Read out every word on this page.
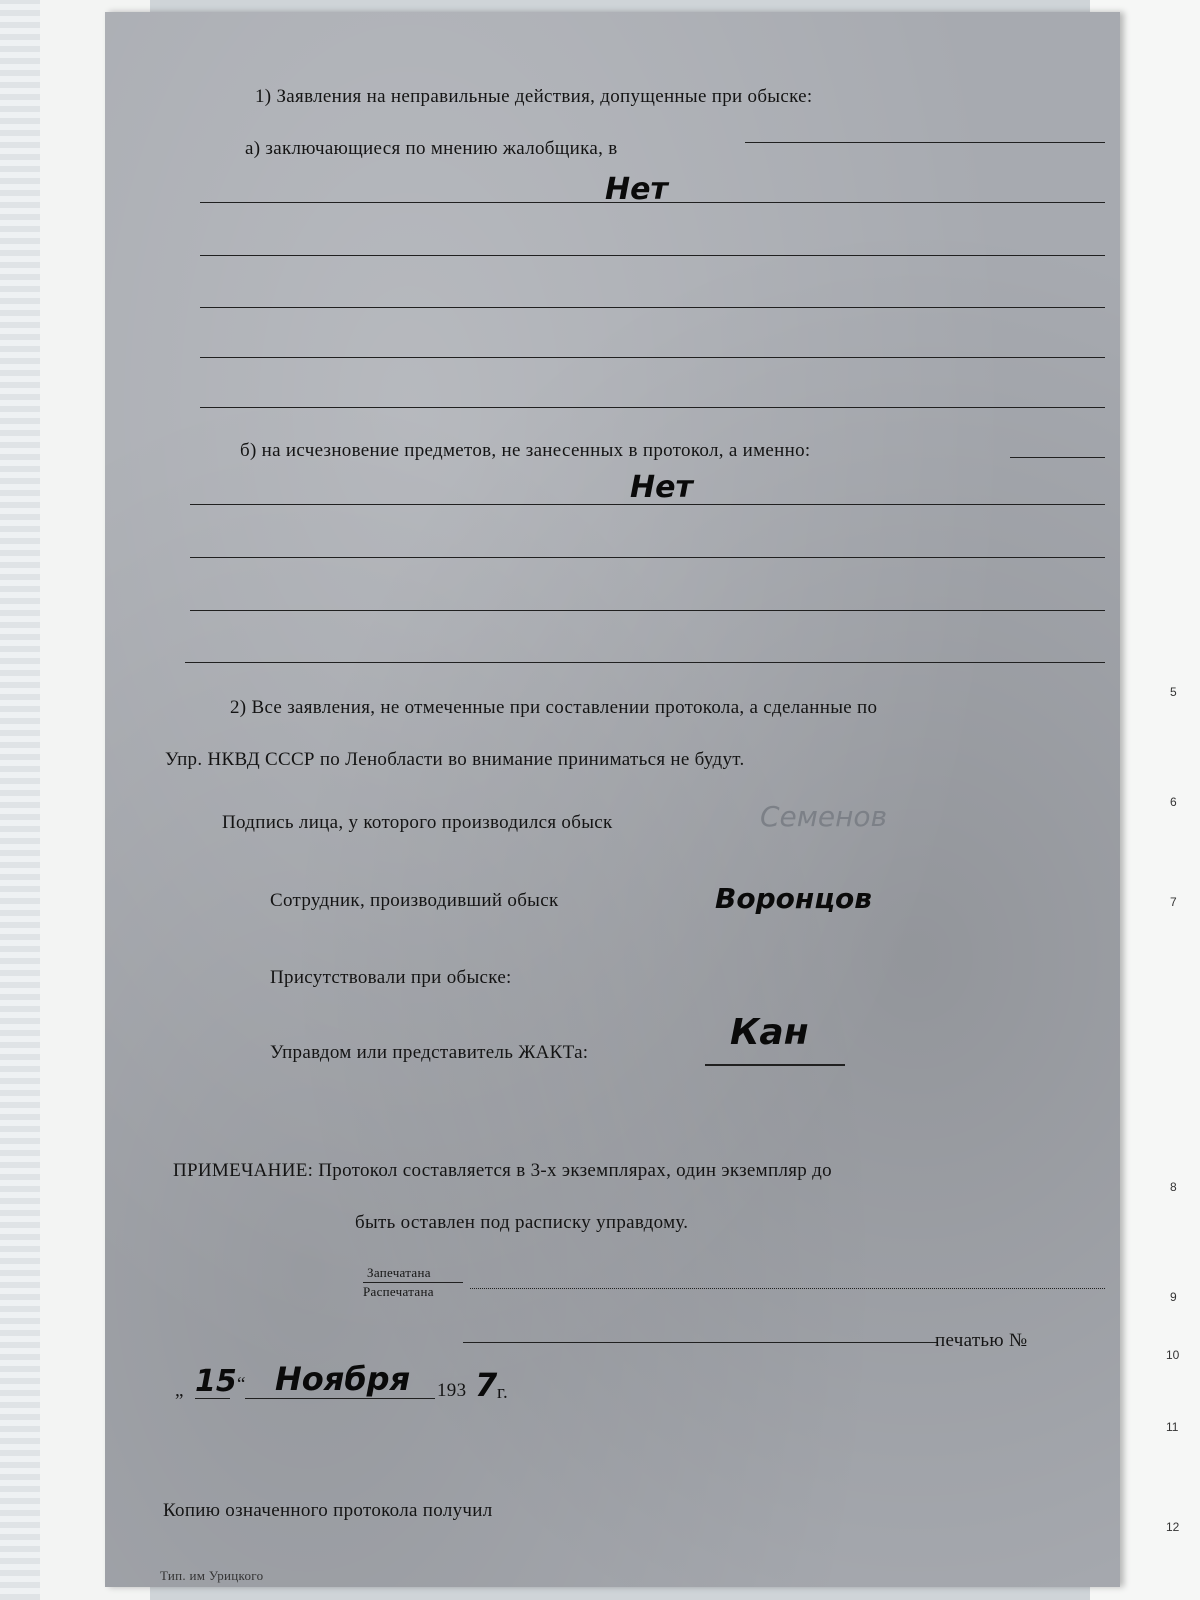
5
6
7
8
9
10
11
12
1) Заявления на неправильные действия, допущенные при обыске:
а) заключающиеся по мнению жалобщика, в
Нет
б) на исчезновение предметов, не занесенных в протокол, а именно:
Нет
2) Все заявления, не отмеченные при составлении протокола, а сделанные по
Упр. НКВД СССР по Ленобласти во внимание приниматься не будут.
Подпись лица, у которого производился обыск	Семенов
Сотрудник, производивший обыск	Воронцов
Присутствовали при обыске:
Управдом или представитель ЖАКТа:	Кан
ПРИМЕЧАНИЕ: Протокол составляется в 3-х экземплярах, один экземпляр до
быть оставлен под расписку управдому.
Запечатана
Распечатана
печатью №
„ 15 “ Ноября 193 7 г.
Копию означенного протокола получил
Тип. им Урицкого
